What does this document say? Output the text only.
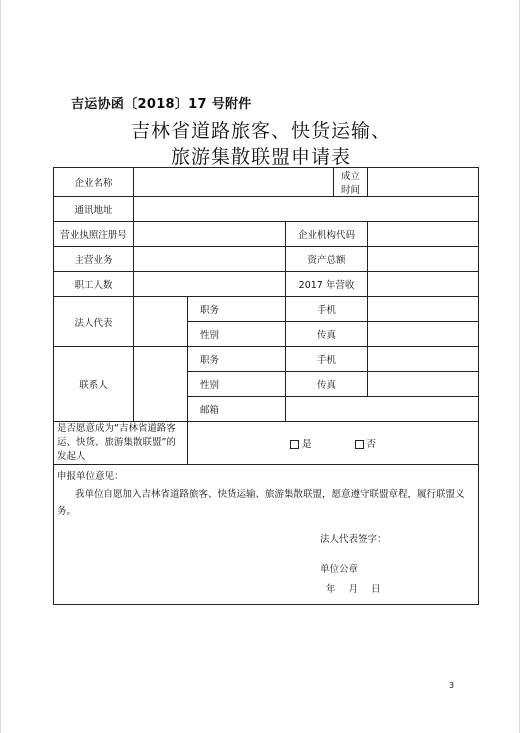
吉运协函〔2018〕17 号附件
吉林省道路旅客、快货运输、
旅游集散联盟申请表
企业名称				成立时间	
通讯地址					
营业执照注册号			企业机构代码		
主营业务			资产总额		
职工人数			2017 年营收		
法人代表		职务	手机		
		性别	传真		
联系人		职务	手机		
		性别	传真		
		邮箱			
是否愿意成为“吉林省道路客运、快货、旅游集散联盟”的发起人		是 否			

申报单位意见：
我单位自愿加入吉林省道路旅客、快货运输、旅游集散联盟，愿意遵守联盟章程，履行联盟义务。
法人代表签字：
单位公章
年 月 日					
3
